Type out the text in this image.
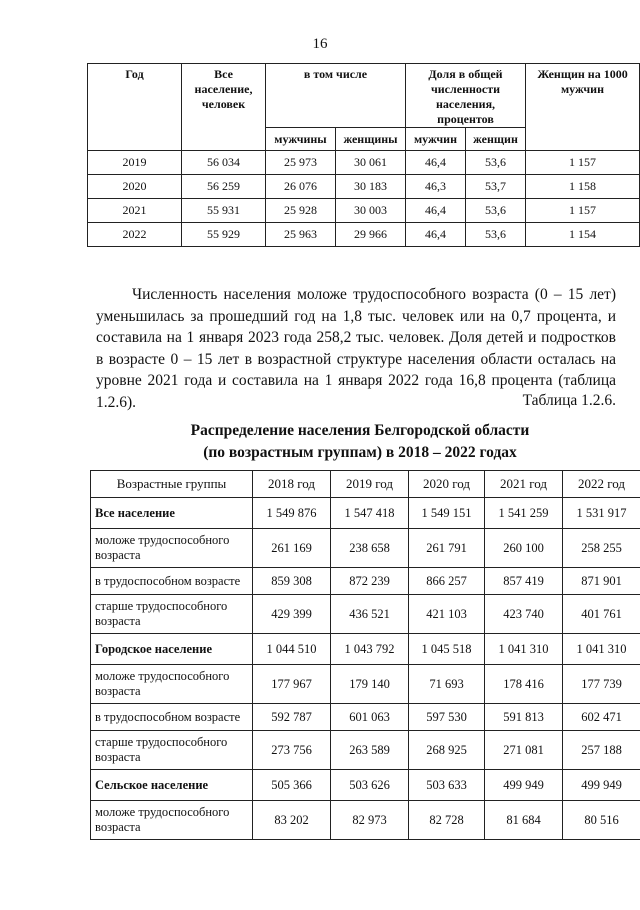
16
Год	Все население, человек	в том числе		Доля в общей численности населения, процентов		Женщин на 1000 мужчин
		мужчины	женщины	мужчин	женщин	
2019	56 034	25 973	30 061	46,4	53,6	1 157
2020	56 259	26 076	30 183	46,3	53,7	1 158
2021	55 931	25 928	30 003	46,4	53,6	1 157
2022	55 929	25 963	29 966	46,4	53,6	1 154

Численность населения моложе трудоспособного возраста (0 – 15 лет) уменьшилась за прошедший год на 1,8 тыс. человек или на 0,7 процента, и составила на 1 января 2023 года 258,2 тыс. человек. Доля детей и подростков в возрасте 0 – 15 лет в возрастной структуре населения области осталась на уровне 2021 года и составила на 1 января 2022 года 16,8 процента (таблица 1.2.6).	Таблица 1.2.6.
Распределение населения Белгородской области
(по возрастным группам) в 2018 – 2022 годах
Возрастные группы	2018 год	2019 год	2020 год	2021 год	2022 год
Все население	1 549 876	1 547 418	1 549 151	1 541 259	1 531 917
моложе трудоспособного возраста	261 169	238 658	261 791	260 100	258 255
в трудоспособном возрасте	859 308	872 239	866 257	857 419	871 901
старше трудоспособного возраста	429 399	436 521	421 103	423 740	401 761
Городское население	1 044 510	1 043 792	1 045 518	1 041 310	1 041 310
моложе трудоспособного возраста	177 967	179 140	71 693	178 416	177 739
в трудоспособном возрасте	592 787	601 063	597 530	591 813	602 471
старше трудоспособного возраста	273 756	263 589	268 925	271 081	257 188
Сельское население	505 366	503 626	503 633	499 949	499 949
моложе трудоспособного возраста	83 202	82 973	82 728	81 684	80 516
